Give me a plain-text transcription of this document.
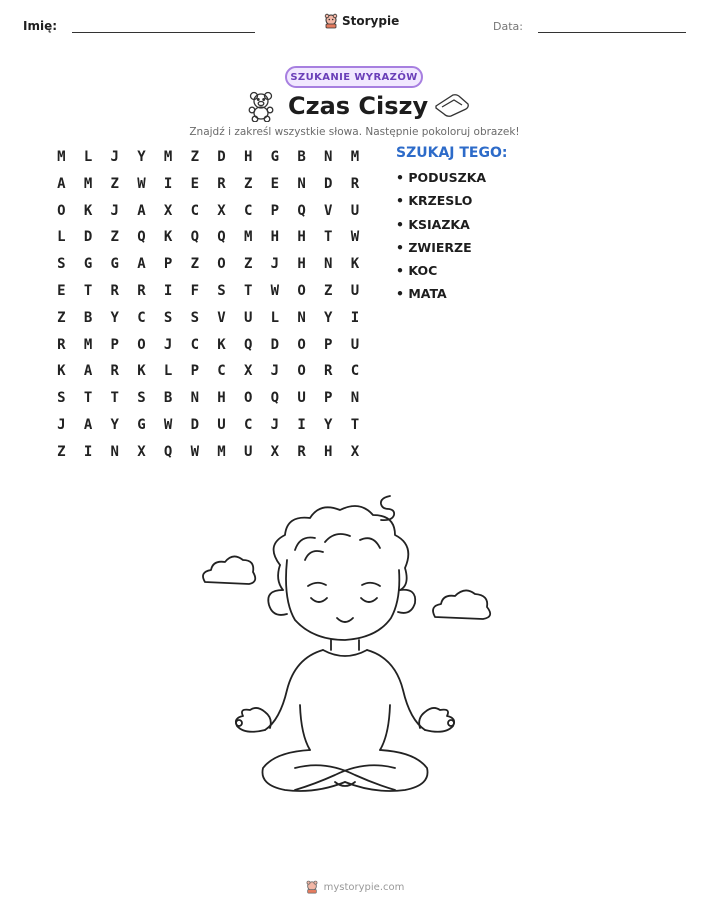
Imię:	Storypie	Data:
SZUKANIE WYRAZÓW
Czas Ciszy
Znajdź i zakreśl wszystkie słowa. Następnie pokoloruj obrazek!
M	L	J	Y	M	Z	D	H	G	B	N	M
A	M	Z	W	I	E	R	Z	E	N	D	R
O	K	J	A	X	C	X	C	P	Q	V	U
L	D	Z	Q	K	Q	Q	M	H	H	T	W
S	G	G	A	P	Z	O	Z	J	H	N	K
E	T	R	R	I	F	S	T	W	O	Z	U
Z	B	Y	C	S	S	V	U	L	N	Y	I
R	M	P	O	J	C	K	Q	D	O	P	U
K	A	R	K	L	P	C	X	J	O	R	C
S	T	T	S	B	N	H	O	Q	U	P	N
J	A	Y	G	W	D	U	C	J	I	Y	T
Z	I	N	X	Q	W	M	U	X	R	H	X
SZUKAJ TEGO:
• PODUSZKA
• KRZESLO
• KSIAZKA
• ZWIERZE
• KOC
• MATA
mystorypie.com
